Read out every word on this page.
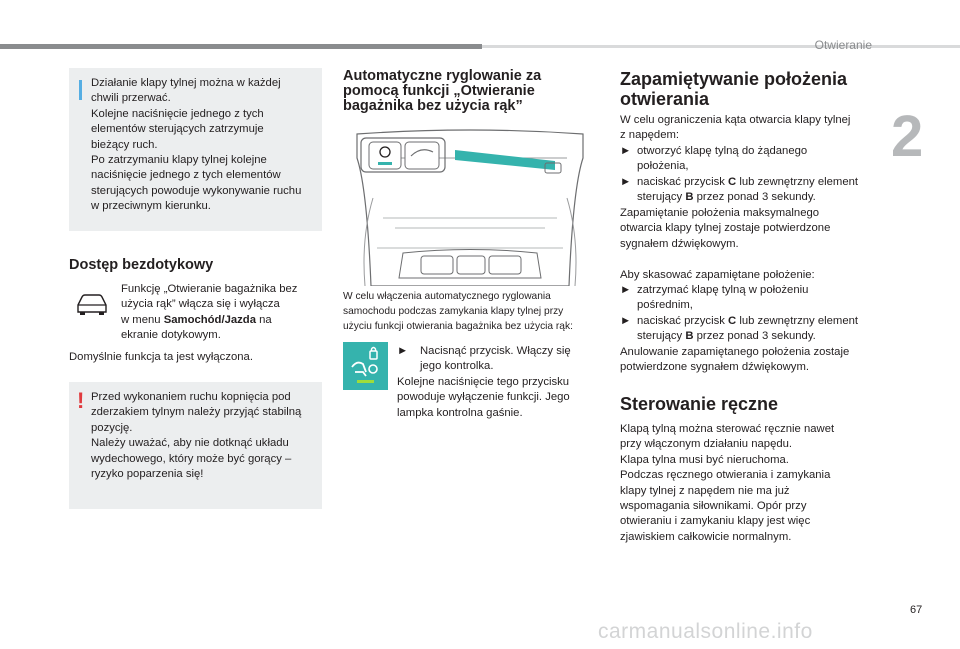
Otwieranie
2
Działanie klapy tylnej można w każdej
chwili przerwać.
Kolejne naciśnięcie jednego z tych
elementów sterujących zatrzymuje
bieżący ruch.
Po zatrzymaniu klapy tylnej kolejne
naciśnięcie jednego z tych elementów
sterujących powoduje wykonywanie ruchu
w przeciwnym kierunku.
Dostęp bezdotykowy
Funkcję „Otwieranie bagażnika bez
użycia rąk” włącza się i wyłącza
w menu Samochód/Jazda na
ekranie dotykowym.
Domyślnie funkcja ta jest wyłączona.
! Przed wykonaniem ruchu kopnięcia pod
zderzakiem tylnym należy przyjąć stabilną
pozycję.
Należy uważać, aby nie dotknąć układu
wydechowego, który może być gorący –
ryzyko poparzenia się!
Automatyczne ryglowanie za
pomocą funkcji „Otwieranie
bagażnika bez użycia rąk”
W celu włączenia automatycznego ryglowania
samochodu podczas zamykania klapy tylnej przy
użyciu funkcji otwierania bagażnika bez użycia rąk:
►	Nacisnąć przycisk. Włączy się
jego kontrolka.
Kolejne naciśnięcie tego przycisku
powoduje wyłączenie funkcji. Jego
lampka kontrolna gaśnie.
Zapamiętywanie położenia
otwierania
W celu ograniczenia kąta otwarcia klapy tylnej
z napędem:
► otworzyć klapę tylną do żądanego
położenia,
► naciskać przycisk C lub zewnętrzny element
sterujący B przez ponad 3 sekundy.
Zapamiętanie położenia maksymalnego
otwarcia klapy tylnej zostaje potwierdzone
sygnałem dźwiękowym.
Aby skasować zapamiętane położenie:
► zatrzymać klapę tylną w położeniu
pośrednim,
► naciskać przycisk C lub zewnętrzny element
sterujący B przez ponad 3 sekundy.
Anulowanie zapamiętanego położenia zostaje
potwierdzone sygnałem dźwiękowym.
Sterowanie ręczne
Klapą tylną można sterować ręcznie nawet
przy włączonym działaniu napędu.
Klapa tylna musi być nieruchoma.
Podczas ręcznego otwierania i zamykania
klapy tylnej z napędem nie ma już
wspomagania siłownikami. Opór przy
otwieraniu i zamykaniu klapy jest więc
zjawiskiem całkowicie normalnym.
67
carmanualsonline.info
